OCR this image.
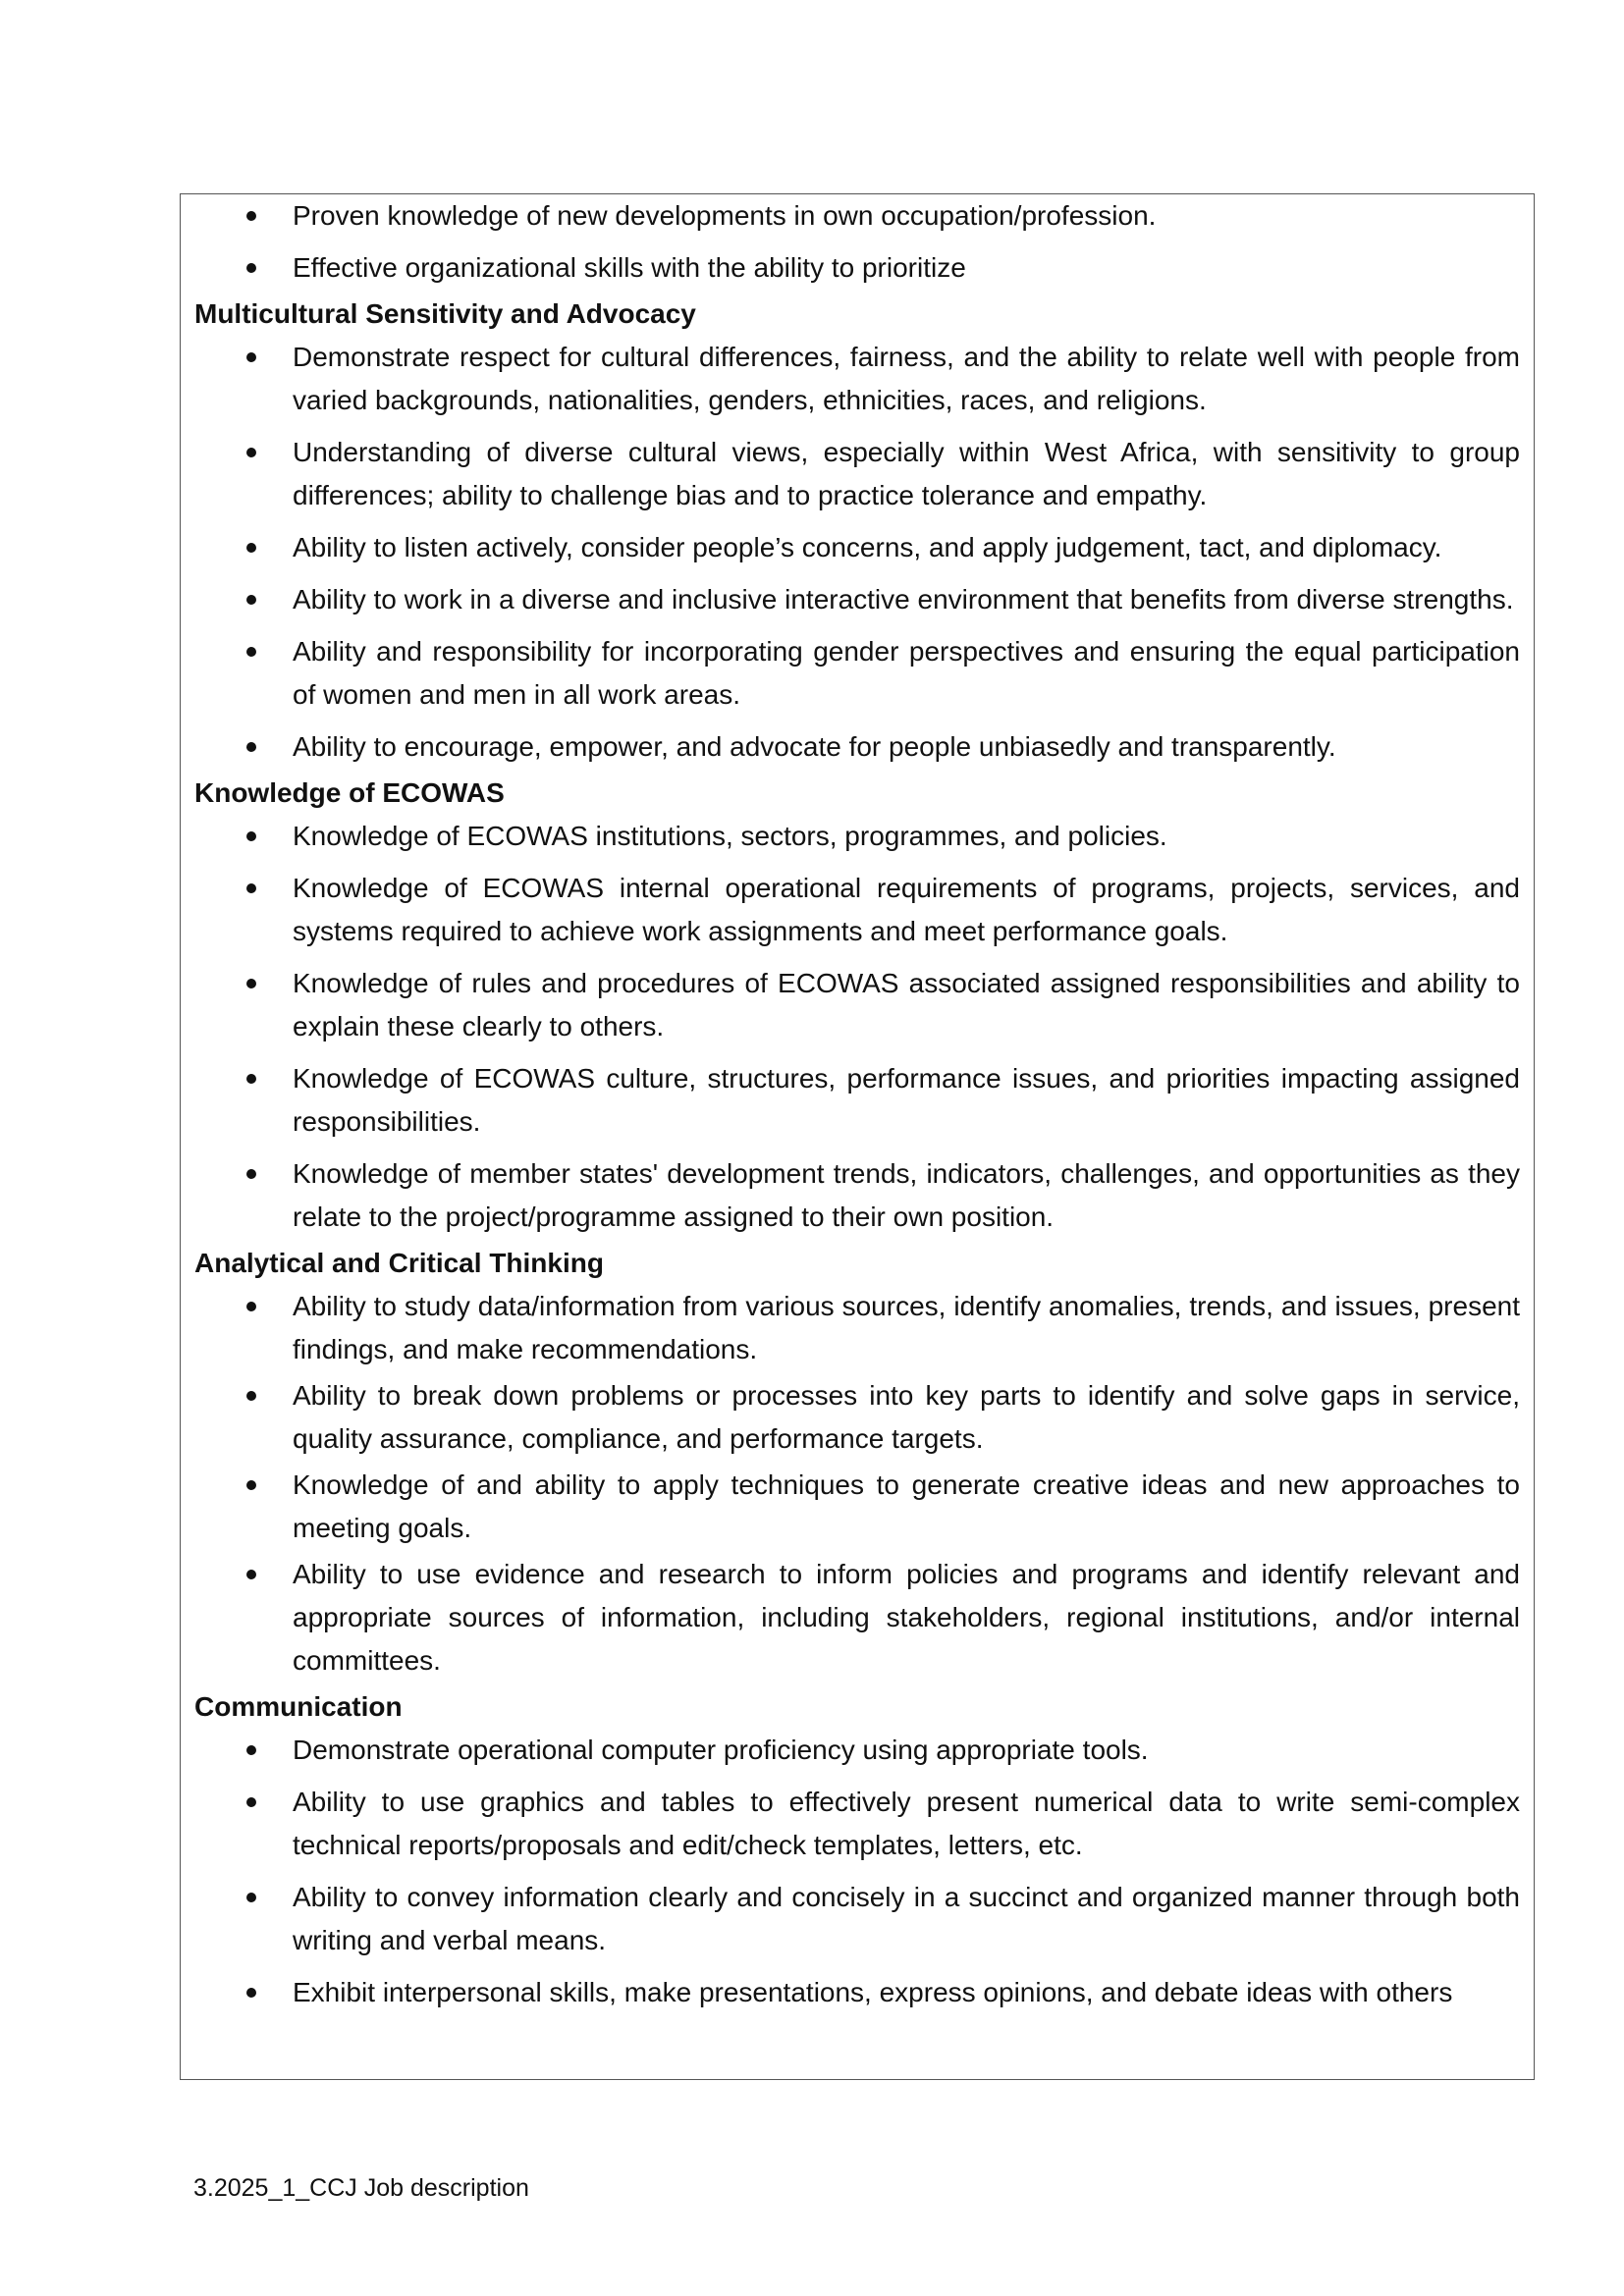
Proven knowledge of new developments in own occupation/profession.
Effective organizational skills with the ability to prioritize
Multicultural Sensitivity and Advocacy
Demonstrate respect for cultural differences, fairness, and the ability to relate well with people from varied backgrounds, nationalities, genders, ethnicities, races, and religions.
Understanding of diverse cultural views, especially within West Africa, with sensitivity to group differences; ability to challenge bias and to practice tolerance and empathy.
Ability to listen actively, consider people’s concerns, and apply judgement, tact, and diplomacy.
Ability to work in a diverse and inclusive interactive environment that benefits from diverse strengths.
Ability and responsibility for incorporating gender perspectives and ensuring the equal participation of women and men in all work areas.
Ability to encourage, empower, and advocate for people unbiasedly and transparently.
Knowledge of ECOWAS
Knowledge of ECOWAS institutions, sectors, programmes, and policies.
Knowledge of ECOWAS internal operational requirements of programs, projects, services, and systems required to achieve work assignments and meet performance goals.
Knowledge of rules and procedures of ECOWAS associated assigned responsibilities and ability to explain these clearly to others.
Knowledge of ECOWAS culture, structures, performance issues, and priorities impacting assigned responsibilities.
Knowledge of member states' development trends, indicators, challenges, and opportunities as they relate to the project/programme assigned to their own position.
Analytical and Critical Thinking
Ability to study data/information from various sources, identify anomalies, trends, and issues, present findings, and make recommendations.
Ability to break down problems or processes into key parts to identify and solve gaps in service, quality assurance, compliance, and performance targets.
Knowledge of and ability to apply techniques to generate creative ideas and new approaches to meeting goals.
Ability to use evidence and research to inform policies and programs and identify relevant and appropriate sources of information, including stakeholders, regional institutions, and/or internal committees.
Communication
Demonstrate operational computer proficiency using appropriate tools.
Ability to use graphics and tables to effectively present numerical data to write semi-complex technical reports/proposals and edit/check templates, letters, etc.
Ability to convey information clearly and concisely in a succinct and organized manner through both writing and verbal means.
Exhibit interpersonal skills, make presentations, express opinions, and debate ideas with others
3.2025_1_CCJ Job description
